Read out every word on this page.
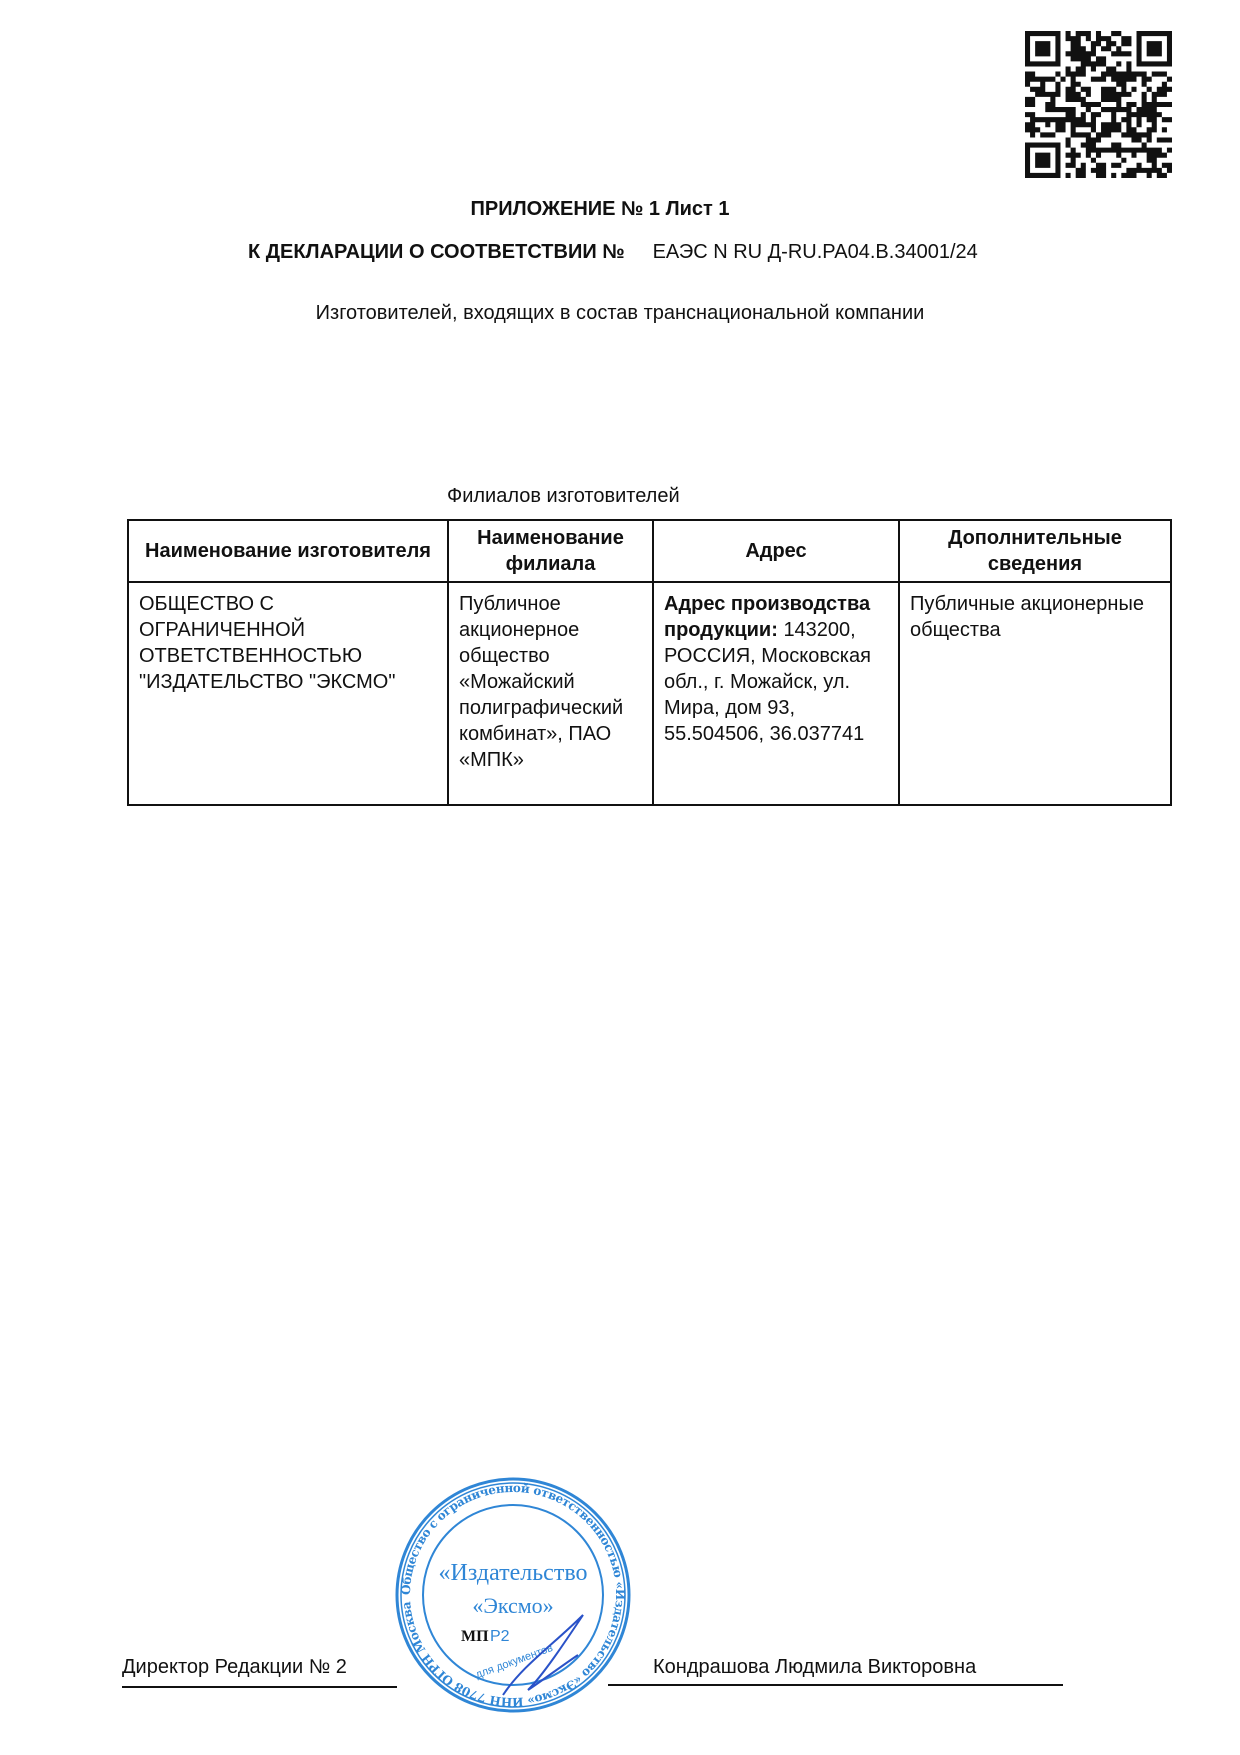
ПРИЛОЖЕНИЕ № 1 Лист 1
К ДЕКЛАРАЦИИ О СООТВЕТСТВИИ № ЕАЭС N RU Д-RU.РА04.В.34001/24
Изготовителей, входящих в состав транснациональной компании
Филиалов изготовителей
Наименование изготовителя	Наименование филиала	Адрес	Дополнительные сведения
ОБЩЕСТВО С ОГРАНИЧЕННОЙ ОТВЕТСТВЕННОСТЬЮ "ИЗДАТЕЛЬСТВО "ЭКСМО"	Публичное акционерное общество «Можайский полиграфический комбинат», ПАО «МПК»	Адрес производства продукции: 143200, РОССИЯ, Московская обл., г. Можайск, ул. Мира, дом 93, 55.504506, 36.037741	Публичные акционерные общества
Директор Редакции № 2	Кондрашова Людмила Викторовна
Общество с ограниченной ответственностью «Издательство «Эксмо» ИНН 7708 ОГРН Москва
«Издательство
«Эксмо»
МП Р2
для документов
